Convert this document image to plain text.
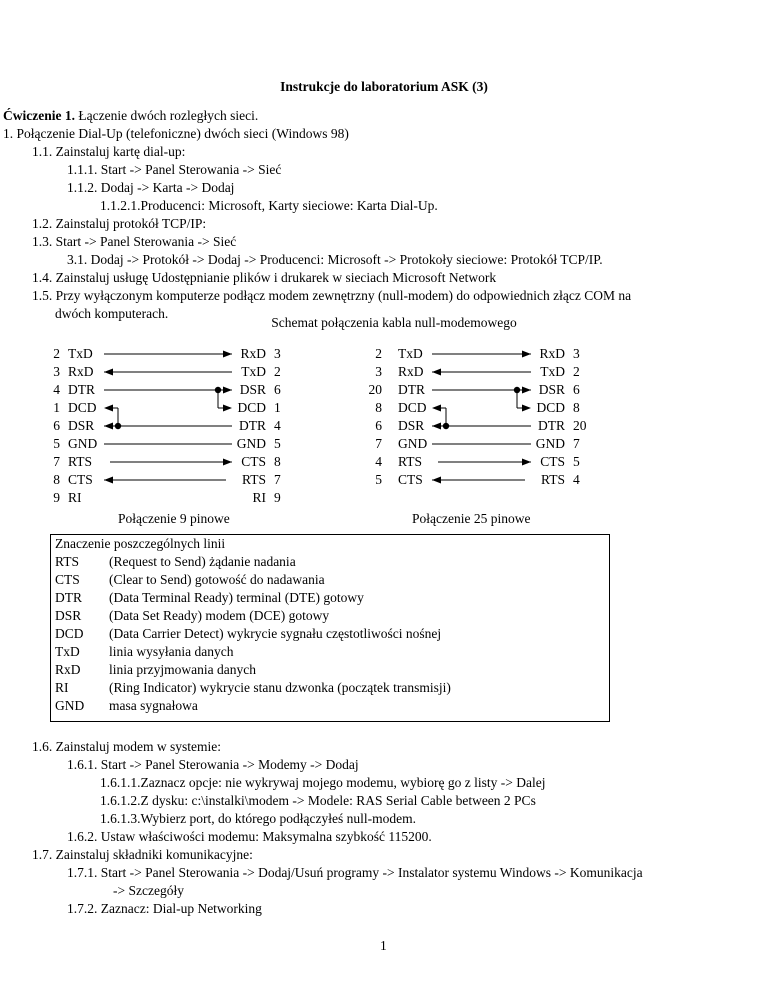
Instrukcje do laboratorium ASK (3)
Ćwiczenie 1. Łączenie dwóch rozległych sieci.
1. Połączenie Dial-Up (telefoniczne) dwóch sieci (Windows 98)
1.1. Zainstaluj kartę dial-up:
1.1.1. Start -> Panel Sterowania -> Sieć
1.1.2. Dodaj -> Karta -> Dodaj
1.1.2.1.Producenci: Microsoft, Karty sieciowe: Karta Dial-Up.
1.2. Zainstaluj protokół TCP/IP:
1.3. Start -> Panel Sterowania -> Sieć
3.1. Dodaj -> Protokół -> Dodaj -> Producenci: Microsoft -> Protokoły sieciowe: Protokół TCP/IP.
1.4. Zainstaluj usługę Udostępnianie plików i drukarek w sieciach Microsoft Network
1.5. Przy wyłączonym komputerze podłącz modem zewnętrzny (null-modem) do odpowiednich złącz COM na
dwóch komputerach.
Schemat połączenia kabla null-modemowego
2 TxD	RxD 3
3 RxD	TxD 2
4 DTR	DSR 6
1 DCD	DCD 1
6 DSR	DTR 4
5 GND	GND 5
7 RTS	CTS 8
8 CTS	RTS 7
9 RI	RI 9
2 TxD	RxD 3
3 RxD	TxD 2
20 DTR	DSR 6
8 DCD	DCD 8
6 DSR	DTR 20
7 GND	GND 7
4 RTS	CTS 5
5 CTS	RTS 4
Połączenie 9 pinowe	Połączenie 25 pinowe
Znaczenie poszczególnych linii
RTS (Request to Send) żądanie nadania
CTS (Clear to Send) gotowość do nadawania
DTR (Data Terminal Ready) terminal (DTE) gotowy
DSR (Data Set Ready) modem (DCE) gotowy
DCD (Data Carrier Detect) wykrycie sygnału częstotliwości nośnej
TxD linia wysyłania danych
RxD linia przyjmowania danych
RI	(Ring Indicator) wykrycie stanu dzwonka (początek transmisji)
GND masa sygnałowa
1.6. Zainstaluj modem w systemie:
1.6.1. Start -> Panel Sterowania -> Modemy -> Dodaj
1.6.1.1.Zaznacz opcje: nie wykrywaj mojego modemu, wybiorę go z listy -> Dalej
1.6.1.2.Z dysku: c:\instalki\modem -> Modele: RAS Serial Cable between 2 PCs
1.6.1.3.Wybierz port, do którego podłączyłeś null-modem.
1.6.2. Ustaw właściwości modemu: Maksymalna szybkość 115200.
1.7. Zainstaluj składniki komunikacyjne:
1.7.1. Start -> Panel Sterowania -> Dodaj/Usuń programy -> Instalator systemu Windows -> Komunikacja
-> Szczegóły
1.7.2. Zaznacz: Dial-up Networking
1
